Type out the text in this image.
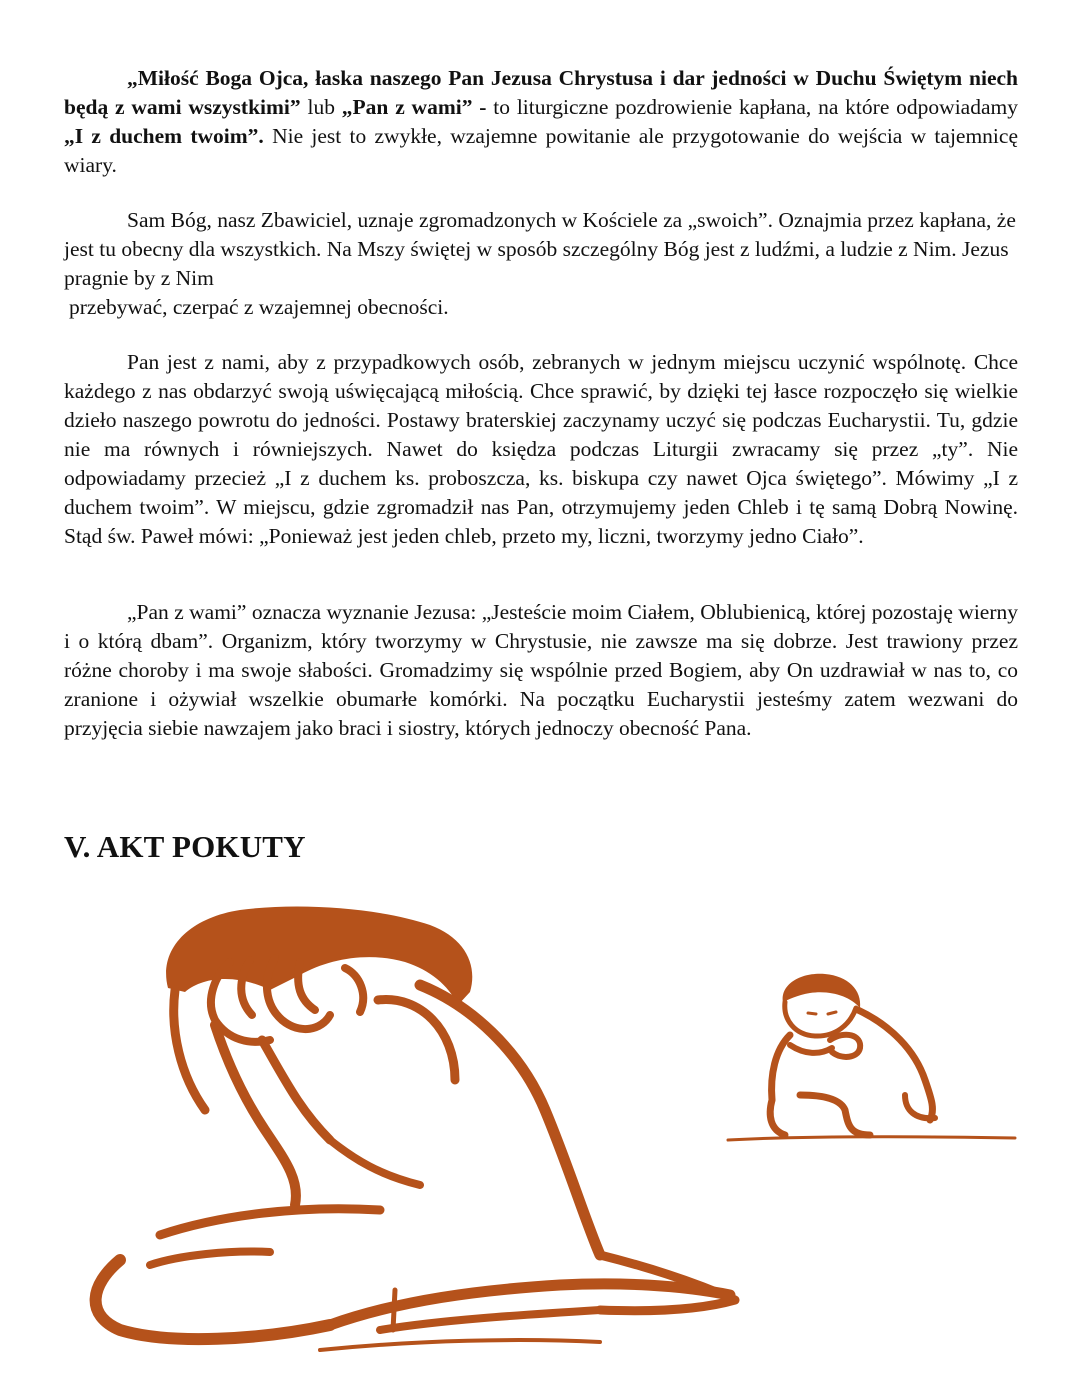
„Miłość Boga Ojca, łaska naszego Pan Jezusa Chrystusa i dar jedności w Duchu Świętym niech będą z wami wszystkimi” lub „Pan z wami” - to liturgiczne pozdrowienie kapłana, na które odpowiadamy „I z duchem twoim”. Nie jest to zwykłe, wzajemne powitanie ale przygotowanie do wejścia w tajemnicę wiary.

Sam Bóg, nasz Zbawiciel, uznaje zgromadzonych w Kościele za „swoich”. Oznajmia przez kapłana, że jest tu obecny dla wszystkich. Na Mszy świętej w sposób szczególny Bóg jest z ludźmi, a ludzie z Nim. Jezus pragnie by z Nim
przebywać, czerpać z wzajemnej obecności.

Pan jest z nami, aby z przypadkowych osób, zebranych w jednym miejscu uczynić wspólnotę. Chce każdego z nas obdarzyć swoją uświęcającą miłością. Chce sprawić, by dzięki tej łasce rozpoczęło się wielkie dzieło naszego powrotu do jedności. Postawy braterskiej zaczynamy uczyć się podczas Eucharystii. Tu, gdzie nie ma równych i równiejszych. Nawet do księdza podczas Liturgii zwracamy się przez „ty”. Nie odpowiadamy przecież „I z duchem ks. proboszcza, ks. biskupa czy nawet Ojca świętego”. Mówimy „I z duchem twoim”. W miejscu, gdzie zgromadził nas Pan, otrzymujemy jeden Chleb i tę samą Dobrą Nowinę. Stąd św. Paweł mówi: „Ponieważ jest jeden chleb, przeto my, liczni, tworzymy jedno Ciało”.

„Pan z wami” oznacza wyznanie Jezusa: „Jesteście moim Ciałem, Oblubienicą, której pozostaję wierny i o którą dbam”. Organizm, który tworzymy w Chrystusie, nie zawsze ma się dobrze. Jest trawiony przez różne choroby i ma swoje słabości. Gromadzimy się wspólnie przed Bogiem, aby On uzdrawiał w nas to, co zranione i ożywiał wszelkie obumarłe komórki. Na początku Eucharystii jesteśmy zatem wezwani do przyjęcia siebie nawzajem jako braci i siostry, których jednoczy obecność Pana.

V. AKT POKUTY
